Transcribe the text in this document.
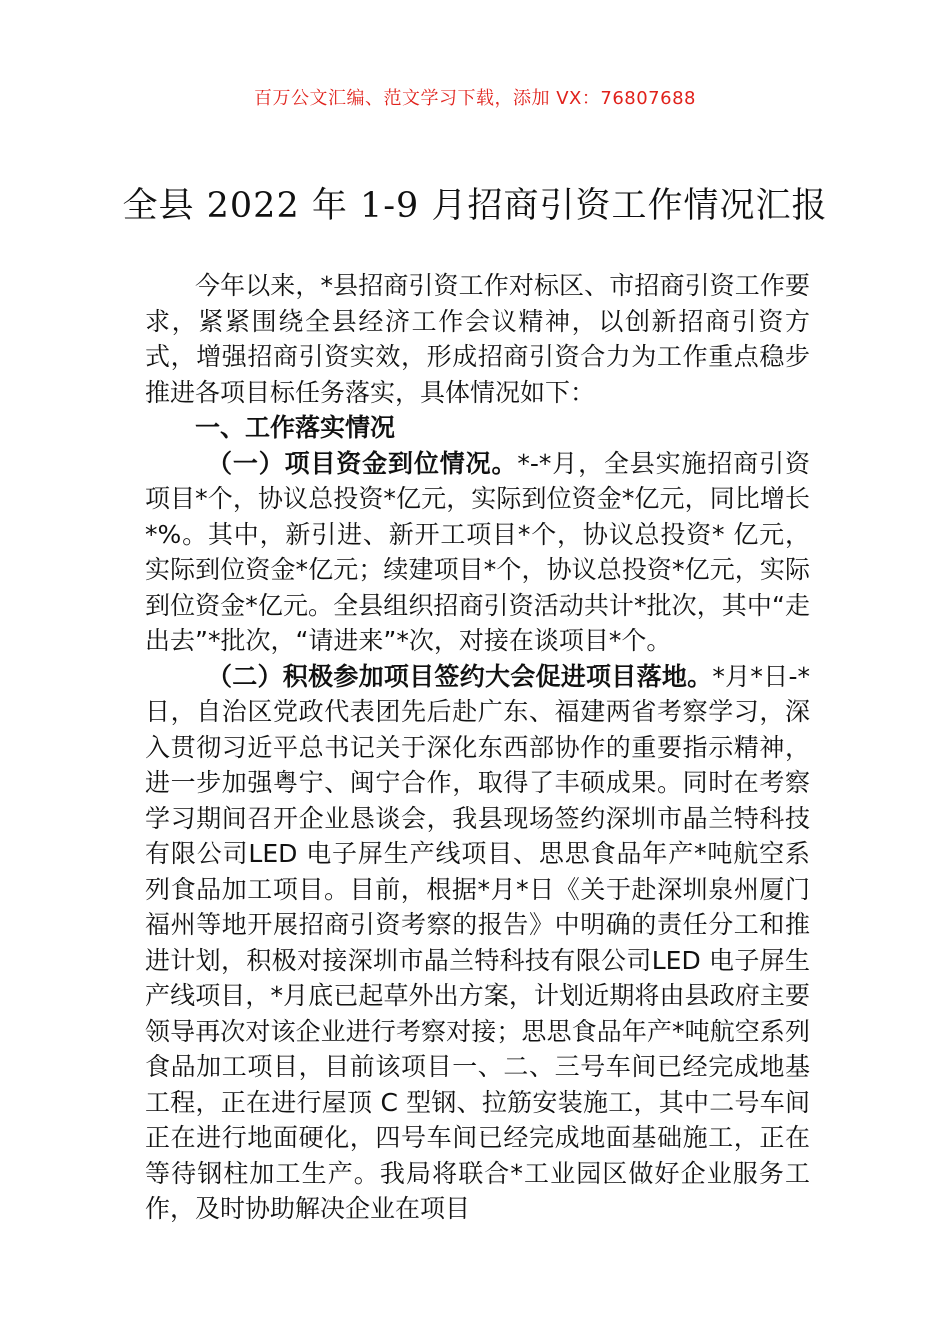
百万公文汇编、范文学习下载，添加 VX：76807688
全县 2022 年 1-9 月招商引资工作情况汇报

今年以来，*县招商引资工作对标区、市招商引资工作要求，紧紧围绕全县经济工作会议精神，以创新招商引资方式，增强招商引资实效，形成招商引资合力为工作重点稳步推进各项目标任务落实，具体情况如下：

一、工作落实情况

（一）项目资金到位情况。*-*月，全县实施招商引资项目*个，协议总投资*亿元，实际到位资金*亿元，同比增长*%。其中，新引进、新开工项目*个，协议总投资* 亿元，实际到位资金*亿元；续建项目*个，协议总投资*亿元，实际到位资金*亿元。全县组织招商引资活动共计*批次，其中“走出去”*批次，“请进来”*次，对接在谈项目*个。

（二）积极参加项目签约大会促进项目落地。*月*日-*日，自治区党政代表团先后赴广东、福建两省考察学习，深入贯彻习近平总书记关于深化东西部协作的重要指示精神，进一步加强粤宁、闽宁合作，取得了丰硕成果。同时在考察学习期间召开企业恳谈会，我县现场签约深圳市晶兰特科技有限公司LED 电子屏生产线项目、思思食品年产*吨航空系列食品加工项目。目前，根据*月*日《关于赴深圳泉州厦门福州等地开展招商引资考察的报告》中明确的责任分工和推进计划，积极对接深圳市晶兰特科技有限公司LED 电子屏生产线项目，*月底已起草外出方案，计划近期将由县政府主要领导再次对该企业进行考察对接；思思食品年产*吨航空系列食品加工项目，目前该项目一、二、三号车间已经完成地基工程，正在进行屋顶 C 型钢、拉筋安装施工，其中二号车间正在进行地面硬化，四号车间已经完成地面基础施工，正在等待钢柱加工生产。我局将联合*工业园区做好企业服务工作，及时协助解决企业在项目
